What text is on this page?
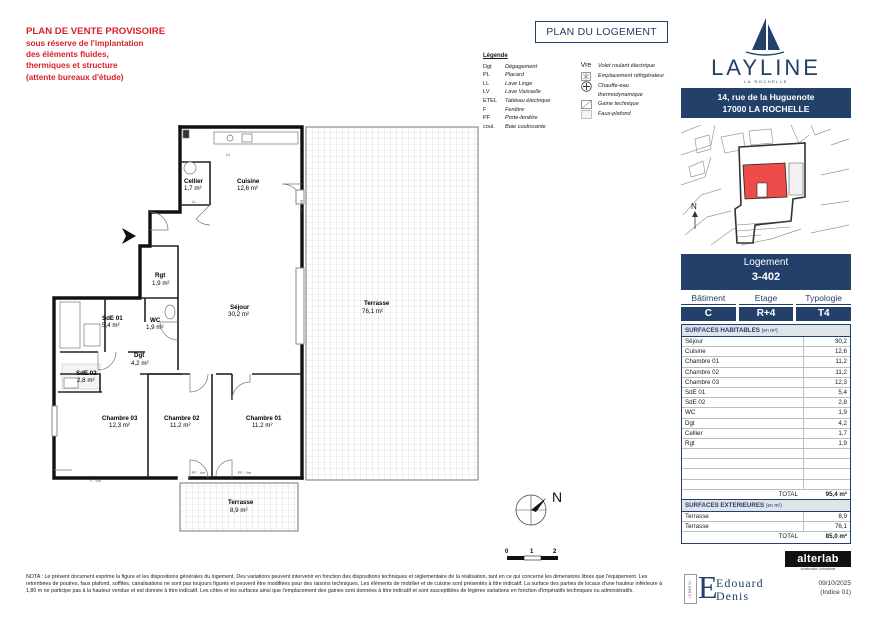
PLAN DE VENTE PROVISOIRE
sous réserve de l'implantation
des éléments fluides,
thermiques et structure
(attente bureaux d'étude)
Cellier
1,7 m²
Cuisine
12,6 m²
Rgt
1,9 m²
Séjour
30,2 m²
Terrasse
76,1 m²
SdE 01
5,4 m²
WC
1,9 m²
Dgt
4,2 m²
SdE 02
2,8 m²
Chambre 03
12,3 m²
Chambre 02
11,2 m²
Chambre 01
11,2 m²
Terrasse
8,9 m²
PF - Vre	PF - Vre
F - Vre
LL
LV
PF - Vre
N
0	1	2
Légende
Dgt	Dégagement
PL	Placard
LL	Lave Linge
LV	Lave Vaisselle
ETEL	Tableau électrique
F	Fenêtre
PF	Porte-fenêtre
coul.	Baie coulissante
Vre	Volet roulant électrique
Emplacement réfrigérateur
Chauffe-eau thermodynamique
Gaine technique
Faux-plafond
PLAN DU LOGEMENT
LAYLINE
LA ROCHELLE
14, rue de la Huguenote
17000 LA ROCHELLE
N
Logement
3-402
Bâtiment
C
Etage
R+4
Typologie
T4
SURFACES HABITABLES (en m²)
Séjour	30,2
Cuisine	12,6
Chambre 01	11,2
Chambre 02	11,2
Chambre 03	12,3
SdE 01	5,4
SdE 02	2,8
WC	1,9
Dgt	4,2
Cellier	1,7
Rgt	1,9
TOTAL	95,4 m²
SURFACES EXTERIEURES (en m²)
Terrasse	8,9
Terrasse	76,1
TOTAL	85,0 m²
NOTA : Le présent document exprime la figure et les dispositions générales du logement. Des variations peuvent intervenir en fonction des dispositions techniques et réglementaire de la réalisation, tant en ce qui concerne les dimensions libres que l'équipement. Les retombées de poutres, faux plafond, soffites, canalisations ne sont pas toujours figurés et peuvent être modifiées pour des raisons techniques. Les éléments de mobilier et de cuisine sont présentés à titre indicatif. La surface des parties de locaux d'une hauteur inférieure à 1,80 m ne participe pas à la hauteur vendue et est donnée à titre indicatif. Les côtes et les surfaces ainsi que l'emplacement des gaines sont données à titre indicatif et sont susceptibles de légères variations en fonction d'impératifs techniques ou administratifs.	LE BIEN VU E
Edouard
Denis
alterlab
construction | urbanisme
09/10/2025
(Indice 01)
